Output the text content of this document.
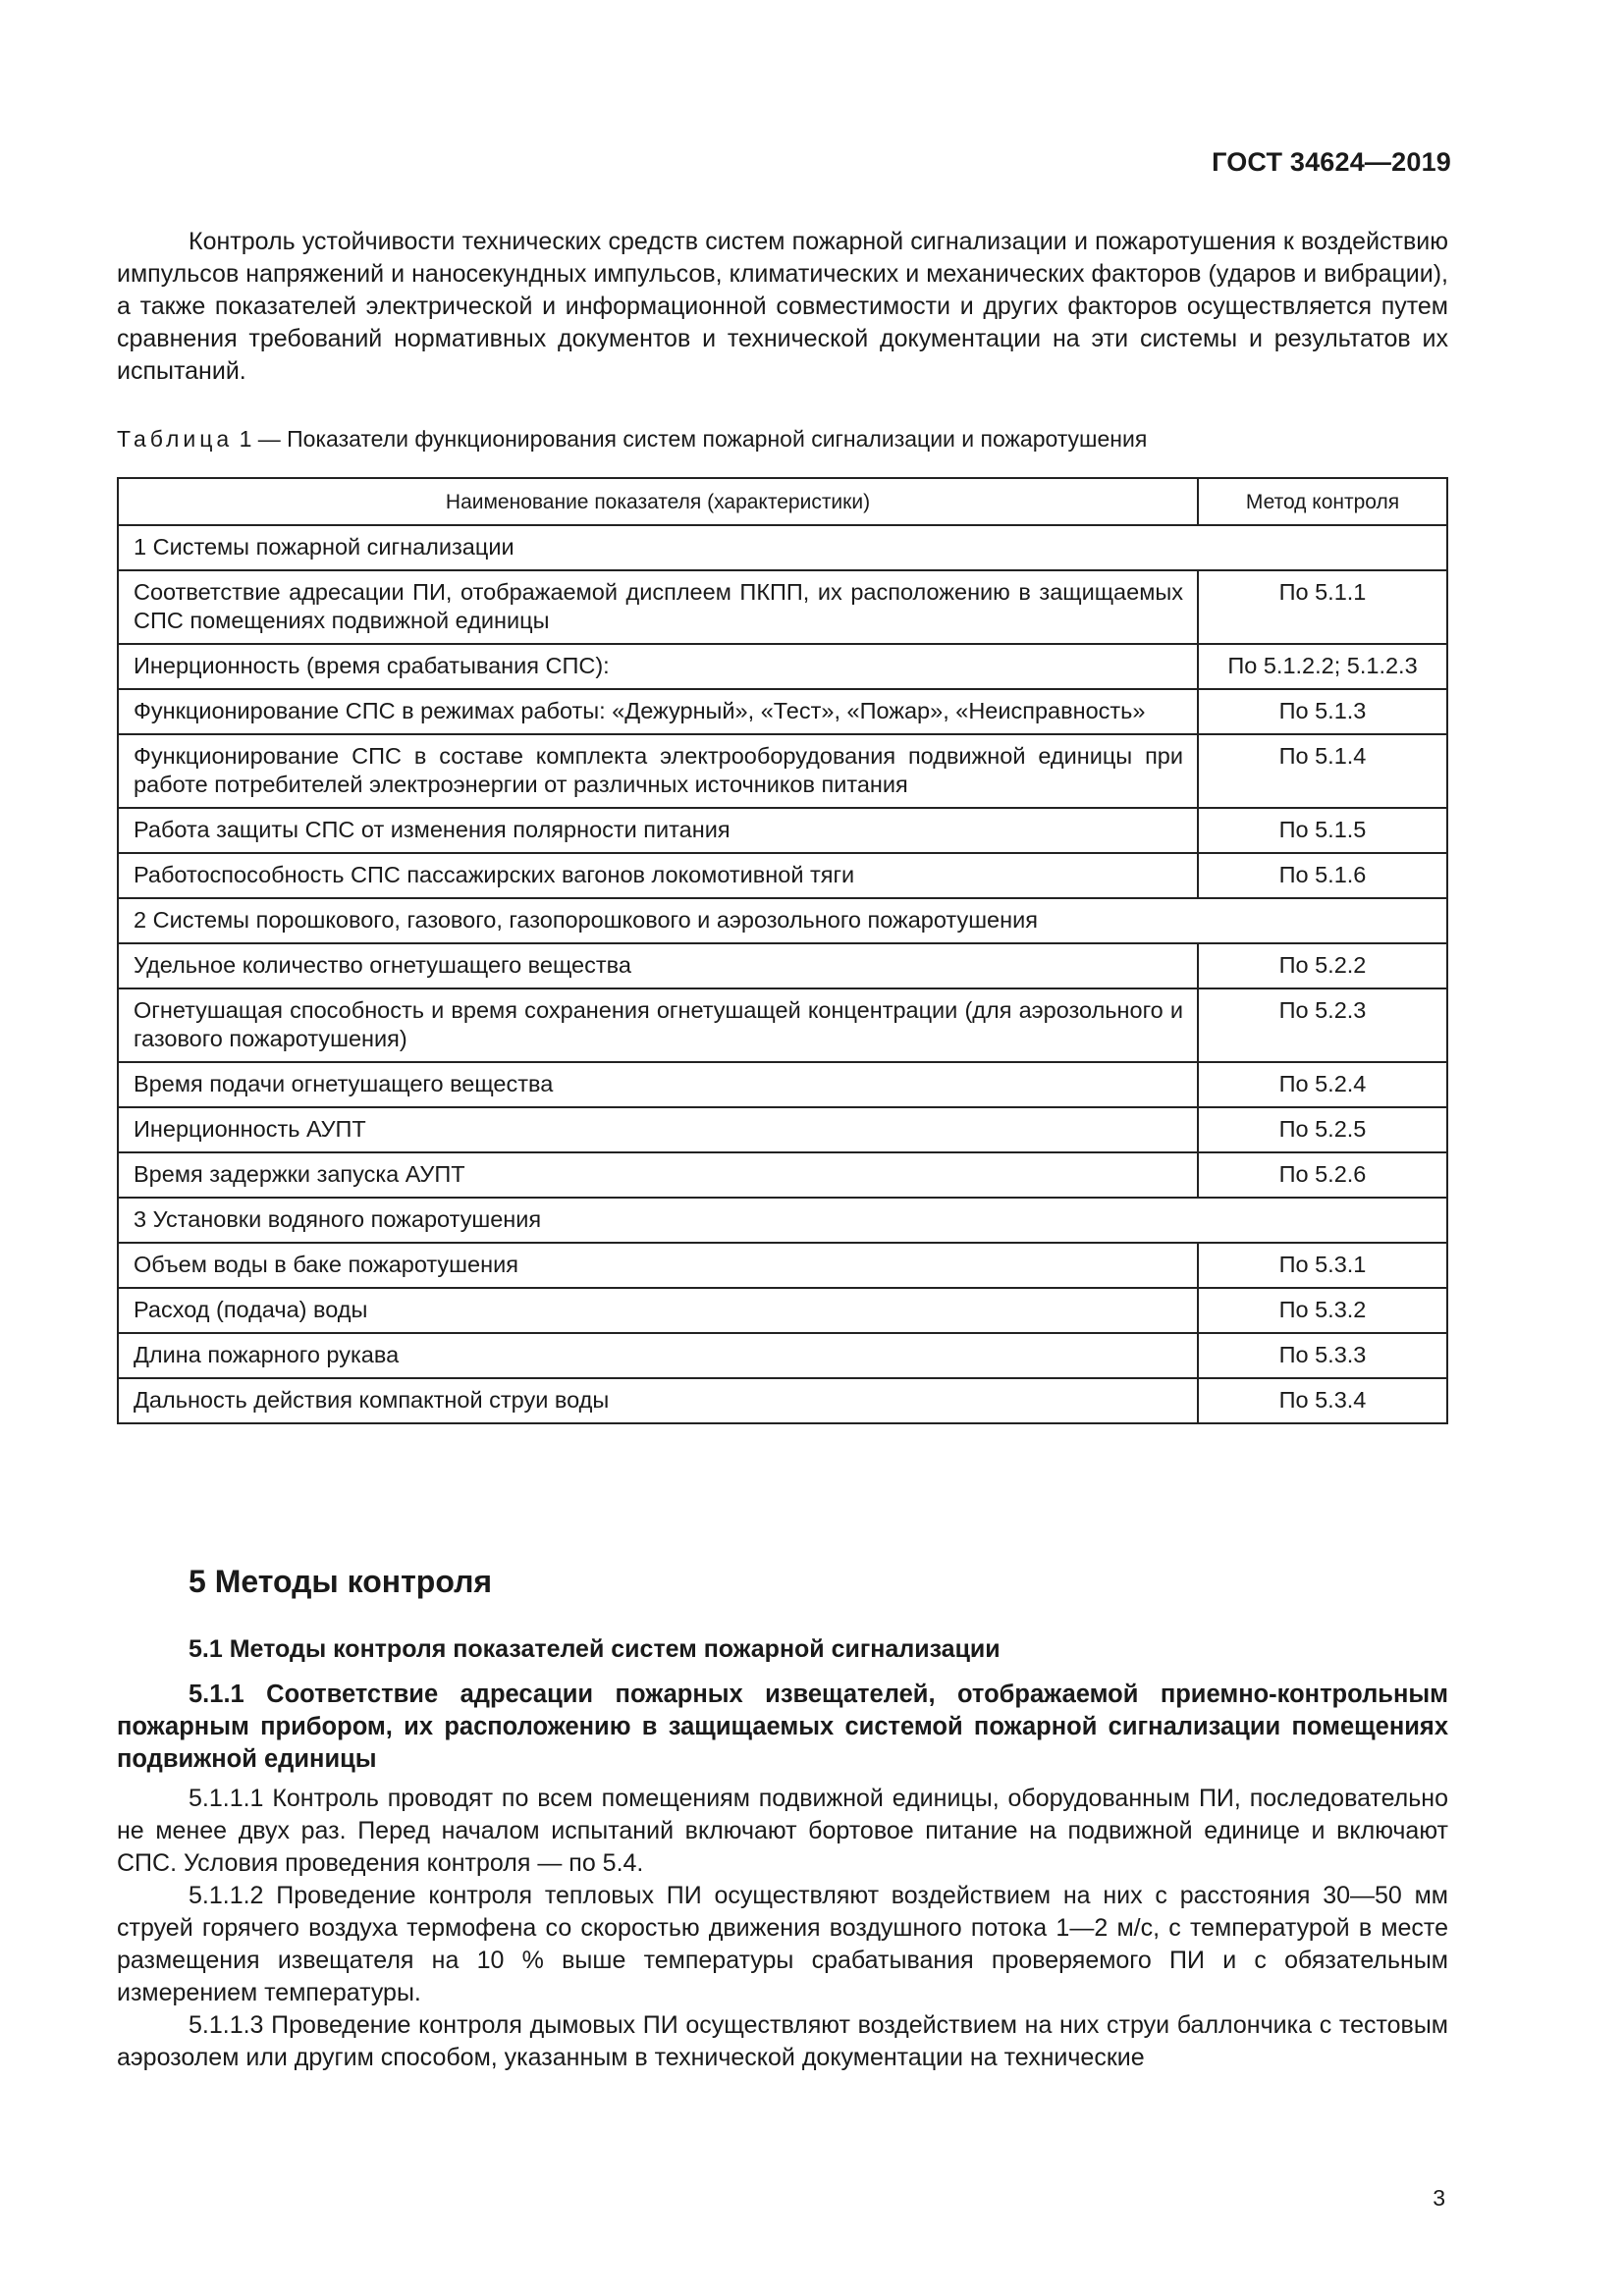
ГОСТ 34624—2019

Контроль устойчивости технических средств систем пожарной сигнализации и пожаротушения к воздействию импульсов напряжений и наносекундных импульсов, климатических и механических факторов (ударов и вибрации), а также показателей электрической и информационной совместимости и других факторов осуществляется путем сравнения требований нормативных документов и технической документации на эти системы и результатов их испытаний.

Таблица 1 — Показатели функционирования систем пожарной сигнализации и пожаротушения
Наименование показателя (характеристики)	Метод контроля
1 Системы пожарной сигнализации	
Соответствие адресации ПИ, отображаемой дисплеем ПКПП, их расположению в защищаемых СПС помещениях подвижной единицы	По 5.1.1
Инерционность (время срабатывания СПС):	По 5.1.2.2; 5.1.2.3
Функционирование СПС в режимах работы: «Дежурный», «Тест», «Пожар», «Неисправность»	По 5.1.3
Функционирование СПС в составе комплекта электрооборудования подвижной единицы при работе потребителей электроэнергии от различных источников питания	По 5.1.4
Работа защиты СПС от изменения полярности питания	По 5.1.5
Работоспособность СПС пассажирских вагонов локомотивной тяги	По 5.1.6
2 Системы порошкового, газового, газопорошкового и аэрозольного пожаротушения	
Удельное количество огнетушащего вещества	По 5.2.2
Огнетушащая способность и время сохранения огнетушащей концентрации (для аэрозольного и газового пожаротушения)	По 5.2.3
Время подачи огнетушащего вещества	По 5.2.4
Инерционность АУПТ	По 5.2.5
Время задержки запуска АУПТ	По 5.2.6
3 Установки водяного пожаротушения	
Объем воды в баке пожаротушения	По 5.3.1
Расход (подача) воды	По 5.3.2
Длина пожарного рукава	По 5.3.3
Дальность действия компактной струи воды	По 5.3.4
5 Методы контроля
5.1 Методы контроля показателей систем пожарной сигнализации
5.1.1 Соответствие адресации пожарных извещателей, отображаемой приемно-контрольным пожарным прибором, их расположению в защищаемых системой пожарной сигнализации помещениях подвижной единицы

5.1.1.1 Контроль проводят по всем помещениям подвижной единицы, оборудованным ПИ, последовательно не менее двух раз. Перед началом испытаний включают бортовое питание на подвижной единице и включают СПС. Условия проведения контроля — по 5.4.

5.1.1.2 Проведение контроля тепловых ПИ осуществляют воздействием на них с расстояния 30—50 мм струей горячего воздуха термофена со скоростью движения воздушного потока 1—2 м/с, с температурой в месте размещения извещателя на 10 % выше температуры срабатывания проверяемого ПИ и с обязательным измерением температуры.

5.1.1.3 Проведение контроля дымовых ПИ осуществляют воздействием на них струи баллончика с тестовым аэрозолем или другим способом, указанным в технической документации на технические

3
